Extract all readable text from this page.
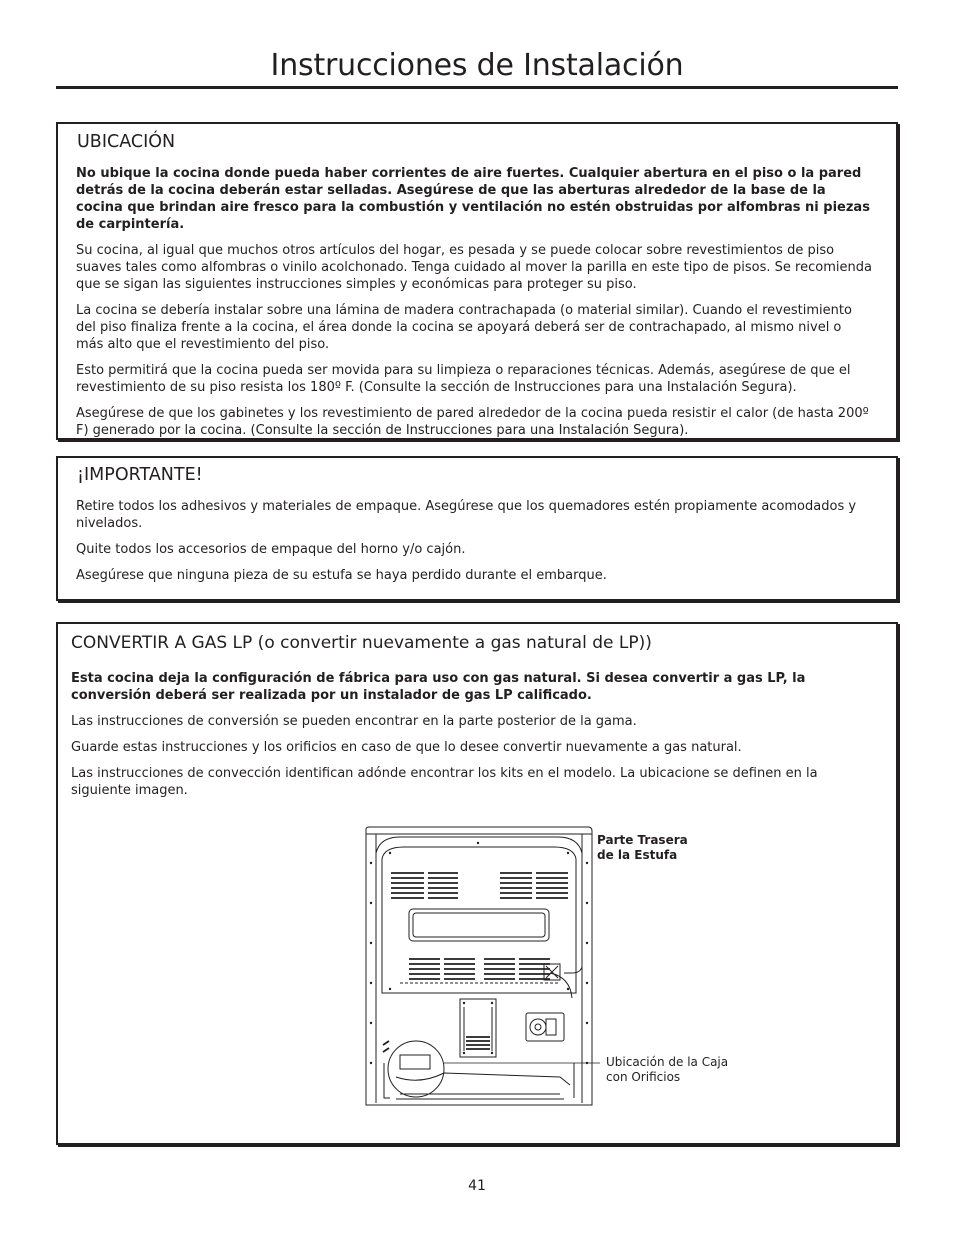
Instrucciones de Instalación
UBICACIÓN

No ubique la cocina donde pueda haber corrientes de aire fuertes. Cualquier abertura en el piso o la pared detrás de la cocina deberán estar selladas. Asegúrese de que las aberturas alrededor de la base de la cocina que brindan aire fresco para la combustión y ventilación no estén obstruidas por alfombras ni piezas de carpintería.

Su cocina, al igual que muchos otros artículos del hogar, es pesada y se puede colocar sobre revestimientos de piso suaves tales como alfombras o vinilo acolchonado. Tenga cuidado al mover la parilla en este tipo de pisos. Se recomienda que se sigan las siguientes instrucciones simples y económicas para proteger su piso.

La cocina se debería instalar sobre una lámina de madera contrachapada (o material similar). Cuando el revestimiento del piso finaliza frente a la cocina, el área donde la cocina se apoyará deberá ser de contrachapado, al mismo nivel o más alto que el revestimiento del piso.

Esto permitirá que la cocina pueda ser movida para su limpieza o reparaciones técnicas. Además, asegúrese de que el revestimiento de su piso resista los 180º F. (Consulte la sección de Instrucciones para una Instalación Segura).

Asegúrese de que los gabinetes y los revestimiento de pared alrededor de la cocina pueda resistir el calor (de hasta 200º F) generado por la cocina. (Consulte la sección de Instrucciones para una Instalación Segura).

¡IMPORTANTE!

Retire todos los adhesivos y materiales de empaque. Asegúrese que los quemadores estén propiamente acomodados y nivelados.

Quite todos los accesorios de empaque del horno y/o cajón.

Asegúrese que ninguna pieza de su estufa se haya perdido durante el embarque.

CONVERTIR A GAS LP (o convertir nuevamente a gas natural de LP))

Esta cocina deja la configuración de fábrica para uso con gas natural. Si desea convertir a gas LP, la conversión deberá ser realizada por un instalador de gas LP calificado.

Las instrucciones de conversión se pueden encontrar en la parte posterior de la gama.

Guarde estas instrucciones y los orificios en caso de que lo desee convertir nuevamente a gas natural.

Las instrucciones de convección identifican adónde encontrar los kits en el modelo. La ubicacione se definen en la siguiente imagen.

Parte Trasera

de la Estufa

Ubicación de la Caja

con Orificios

41
